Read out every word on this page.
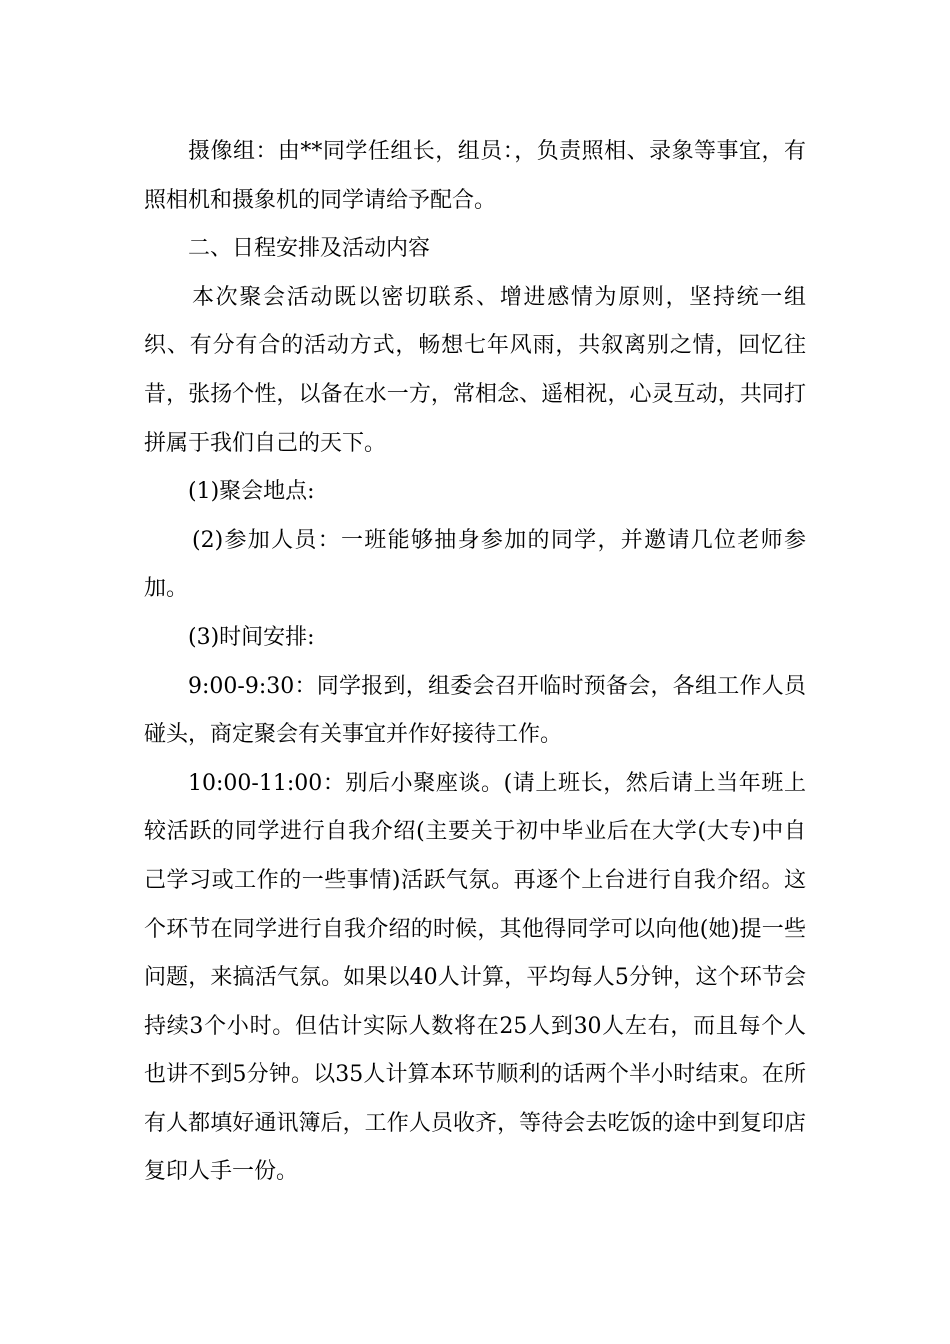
摄像组：由**同学任组长，组员：，负责照相、录象等事宜，有照相机和摄象机的同学请给予配合。

二、日程安排及活动内容

本次聚会活动既以密切联系、增进感情为原则，坚持统一组织、有分有合的活动方式，畅想七年风雨，共叙离别之情，回忆往昔，张扬个性，以备在水一方，常相念、遥相祝，心灵互动，共同打拼属于我们自己的天下。

(1)聚会地点:

(2)参加人员：一班能够抽身参加的同学，并邀请几位老师参加。

(3)时间安排:

9:00-9:30：同学报到，组委会召开临时预备会，各组工作人员碰头，商定聚会有关事宜并作好接待工作。

10:00-11:00：别后小聚座谈。(请上班长，然后请上当年班上较活跃的同学进行自我介绍(主要关于初中毕业后在大学(大专)中自己学习或工作的一些事情)活跃气氛。再逐个上台进行自我介绍。这个环节在同学进行自我介绍的时候，其他得同学可以向他(她)提一些问题，来搞活气氛。如果以40人计算，平均每人5分钟，这个环节会持续3个小时。但估计实际人数将在25人到30人左右，而且每个人也讲不到5分钟。以35人计算本环节顺利的话两个半小时结束。在所有人都填好通讯簿后，工作人员收齐，等待会去吃饭的途中到复印店复印人手一份。
